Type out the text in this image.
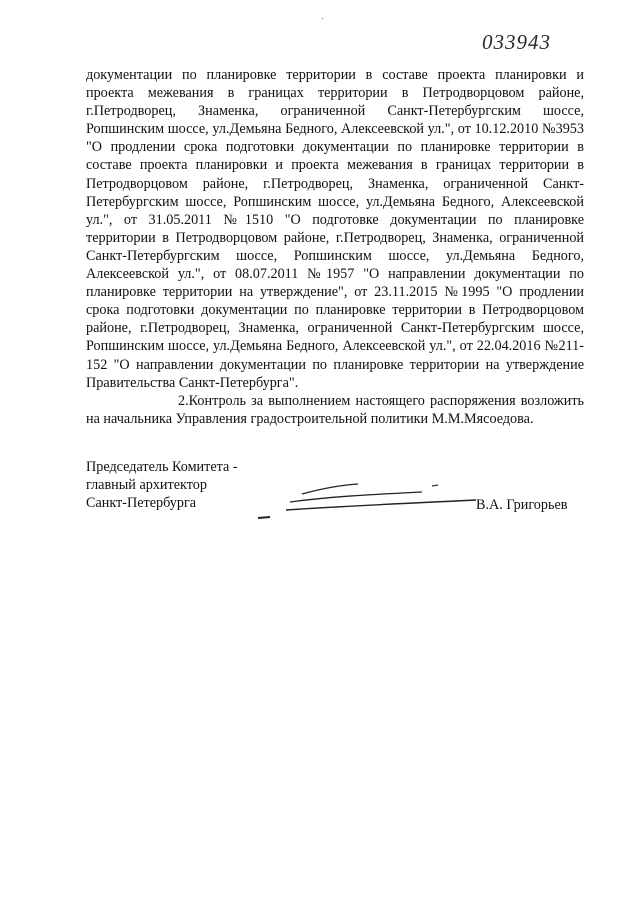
033943

документации по планировке территории в составе проекта планировки и проекта межевания в границах территории в Петродворцовом районе, г.Петродворец, Знаменка, ограниченной Санкт-Петербургским шоссе, Ропшинским шоссе, ул.Демьяна Бедного, Алексеевской ул.", от 10.12.2010 №3953 "О продлении срока подготовки документации по планировке территории в составе проекта планировки и проекта межевания в границах территории в Петродворцовом районе, г.Петродворец, Знаменка, ограниченной Санкт-Петербургским шоссе, Ропшинским шоссе, ул.Демьяна Бедного, Алексеевской ул.", от 31.05.2011 №1510 "О подготовке документации по планировке территории в Петродворцовом районе, г.Петродворец, Знаменка, ограниченной Санкт-Петербургским шоссе, Ропшинским шоссе, ул.Демьяна Бедного, Алексеевской ул.", от 08.07.2011 №1957 "О направлении документации по планировке территории на утверждение", от 23.11.2015 №1995 "О продлении срока подготовки документации по планировке территории в Петродворцовом районе, г.Петродворец, Знаменка, ограниченной Санкт-Петербургским шоссе, Ропшинским шоссе, ул.Демьяна Бедного, Алексеевской ул.", от 22.04.2016 №211-152 "О направлении документации по планировке территории на утверждение Правительства Санкт-Петербурга".

2.Контроль за выполнением настоящего распоряжения возложить на начальника Управления градостроительной политики М.М.Мясоедова.

Председатель Комитета -
главный архитектор
Санкт-Петербурга	В.А. Григорьев
